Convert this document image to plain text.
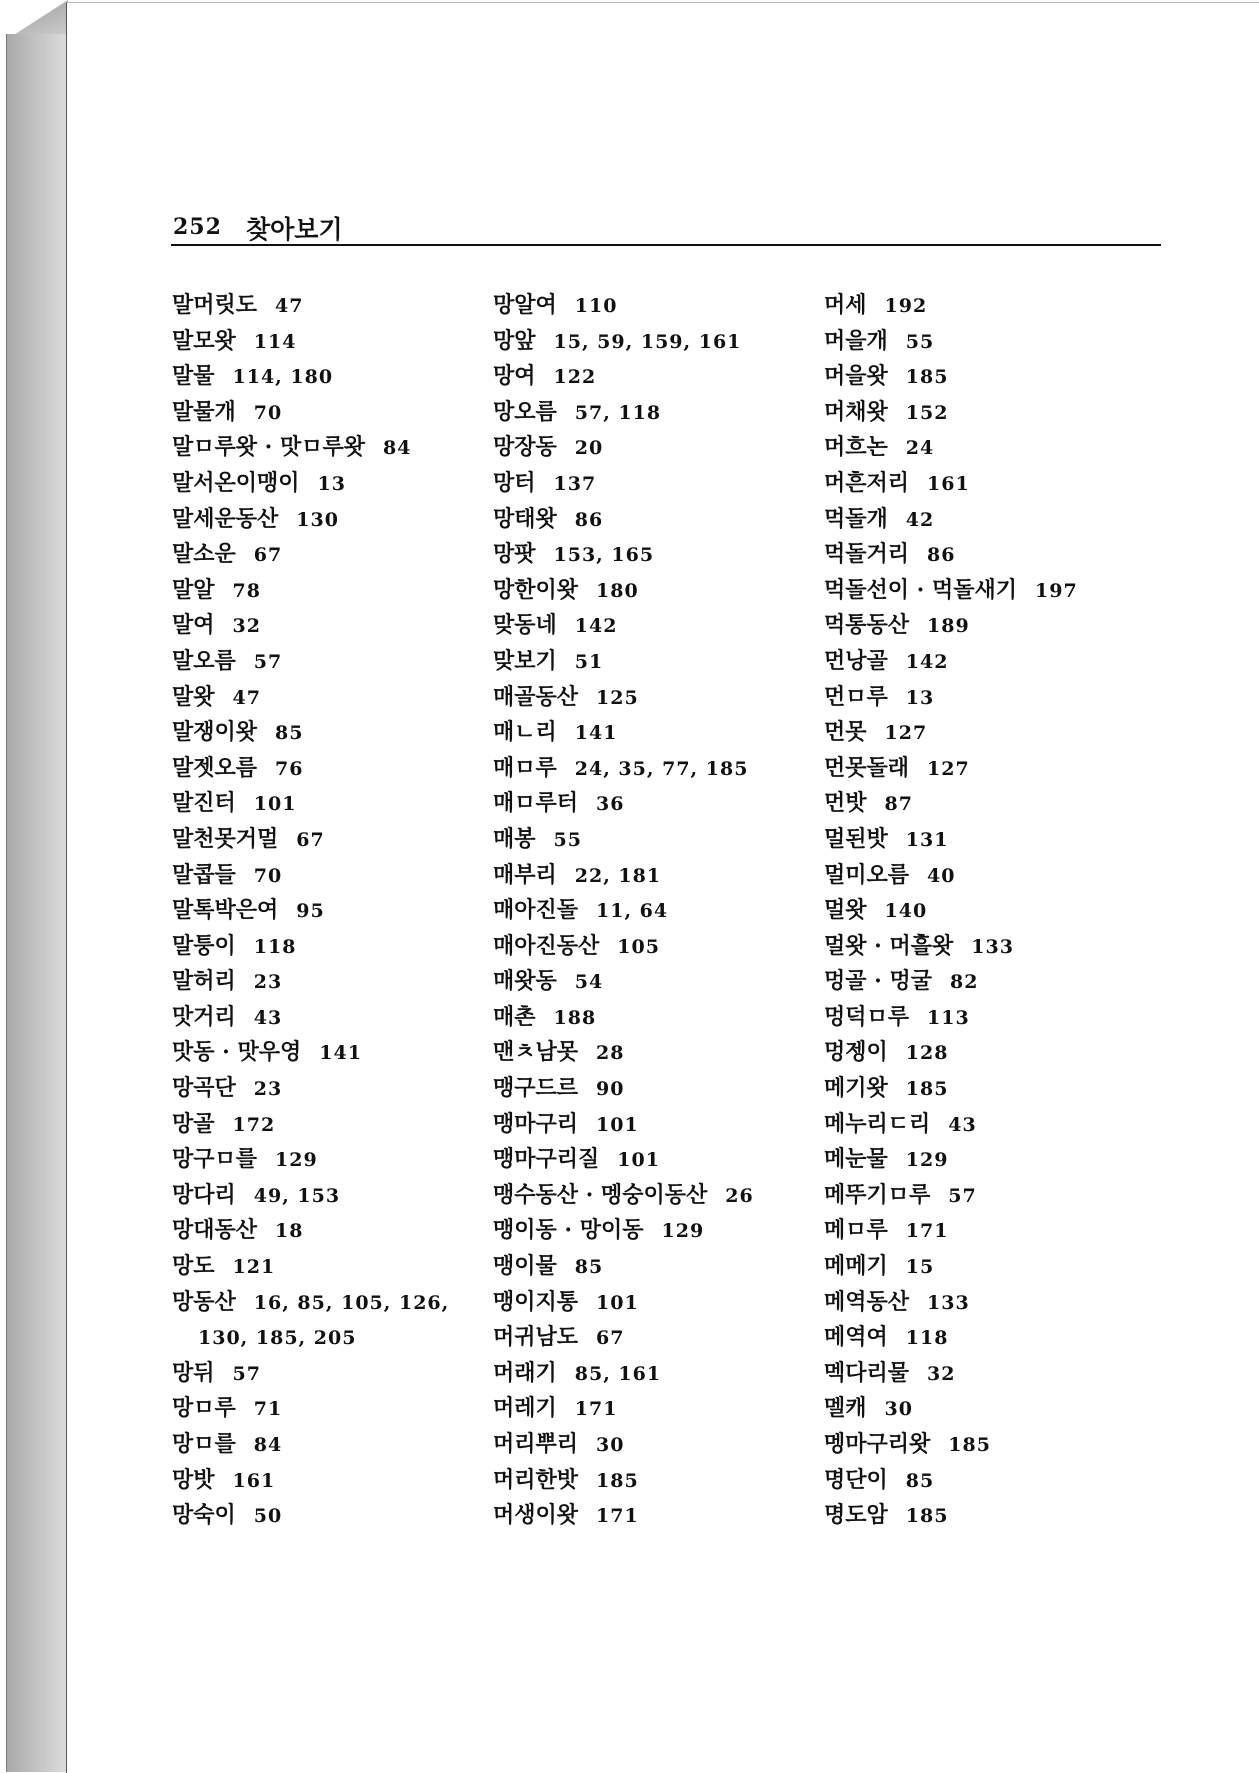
252 찾아보기
말머릿도 47
말모왓 114
말물 114, 180
말물개 70
말ㅁ루왓 · 맛ㅁ루왓 84
말서온이맹이 13
말세운동산 130
말소운 67
말알 78
말여 32
말오름 57
말왓 47
말쟁이왓 85
말젯오름 76
말진터 101
말천못거멀 67
말콥들 70
말톡박은여 95
말퉁이 118
말허리 23
맛거리 43
맛동 · 맛우영 141
망곡단 23
망골 172
망구ㅁ를 129
망다리 49, 153
망대동산 18
망도 121
망동산 16, 85, 105, 126,
130, 185, 205
망뒤 57
망ㅁ루 71
망ㅁ를 84
망밧 161
망숙이 50
망알여 110
망앞 15, 59, 159, 161
망여 122
망오름 57, 118
망장동 20
망터 137
망태왓 86
망팟 153, 165
망한이왓 180
맞동네 142
맞보기 51
매골동산 125
매ㄴ리 141
매ㅁ루 24, 35, 77, 185
매ㅁ루터 36
매봉 55
매부리 22, 181
매아진돌 11, 64
매아진동산 105
매왓동 54
매촌 188
맨ㅊ남못 28
맹구드르 90
맹마구리 101
맹마구리질 101
맹수동산 · 멩숭이동산 26
맹이동 · 망이동 129
맹이물 85
맹이지통 101
머귀남도 67
머래기 85, 161
머레기 171
머리뿌리 30
머리한밧 185
머생이왓 171
머세 192
머을개 55
머을왓 185
머채왓 152
머흐논 24
머흔저리 161
먹돌개 42
먹돌거리 86
먹돌선이 · 먹돌새기 197
먹통동산 189
먼낭골 142
먼ㅁ루 13
먼못 127
먼못돌래 127
먼밧 87
멀된밧 131
멀미오름 40
멀왓 140
멀왓 · 머흘왓 133
멍골 · 멍굴 82
멍덕ㅁ루 113
멍젱이 128
메기왓 185
메누리ㄷ리 43
메눈물 129
메뚜기ㅁ루 57
메ㅁ루 171
메메기 15
메역동산 133
메역여 118
멕다리물 32
멜캐 30
멩마구리왓 185
명단이 85
명도암 185
